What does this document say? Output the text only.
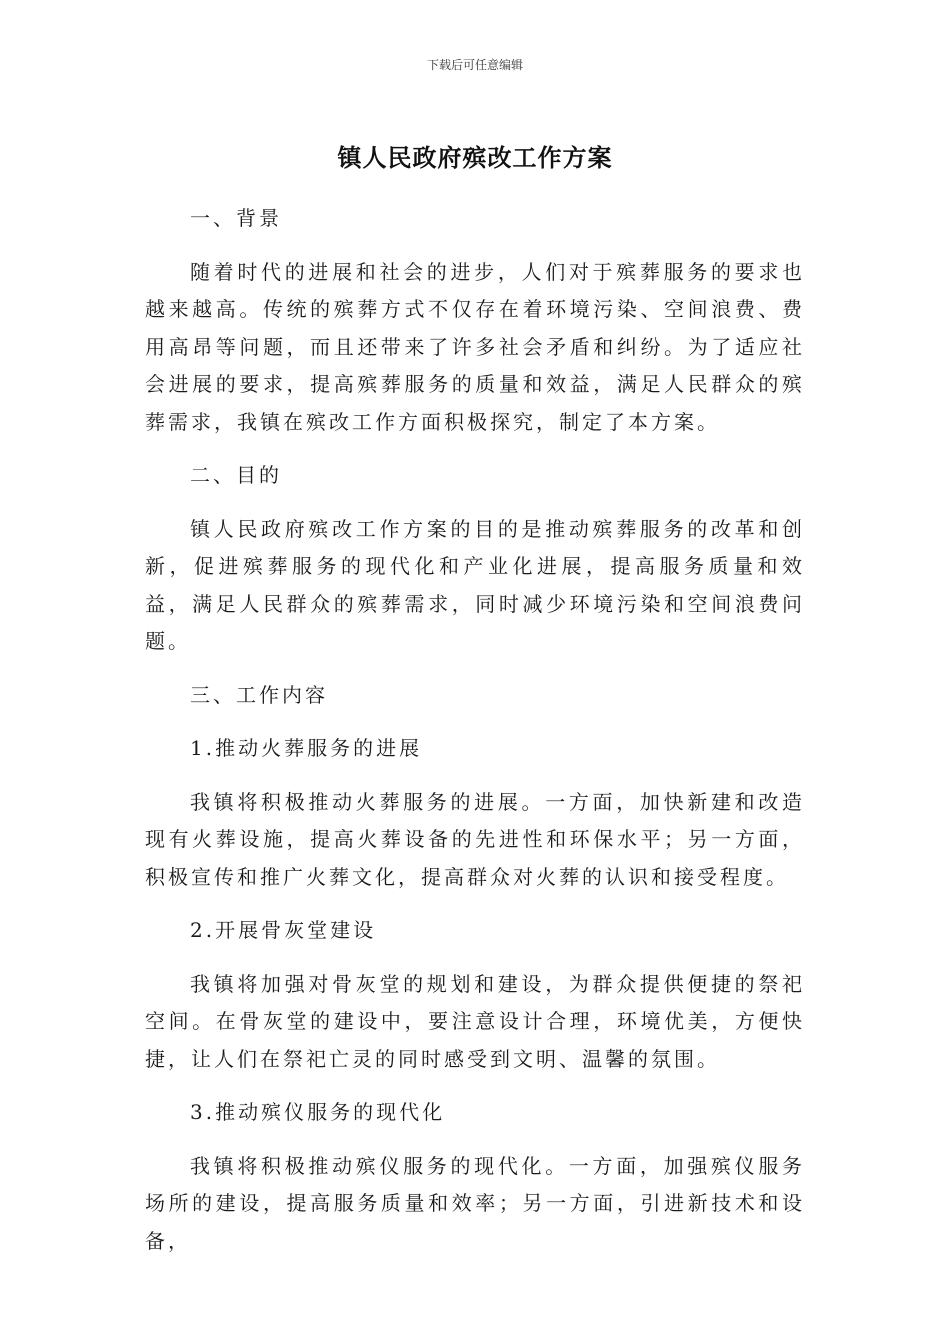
下载后可任意编辑
镇人民政府殡改工作方案

一、背景

随着时代的进展和社会的进步，人们对于殡葬服务的要求也越来越高。传统的殡葬方式不仅存在着环境污染、空间浪费、费用高昂等问题，而且还带来了许多社会矛盾和纠纷。为了适应社会进展的要求，提高殡葬服务的质量和效益，满足人民群众的殡葬需求，我镇在殡改工作方面积极探究，制定了本方案。

二、目的

镇人民政府殡改工作方案的目的是推动殡葬服务的改革和创新，促进殡葬服务的现代化和产业化进展，提高服务质量和效益，满足人民群众的殡葬需求，同时减少环境污染和空间浪费问题。

三、工作内容

1.推动火葬服务的进展

我镇将积极推动火葬服务的进展。一方面，加快新建和改造现有火葬设施，提高火葬设备的先进性和环保水平；另一方面，积极宣传和推广火葬文化，提高群众对火葬的认识和接受程度。

2.开展骨灰堂建设

我镇将加强对骨灰堂的规划和建设，为群众提供便捷的祭祀空间。在骨灰堂的建设中，要注意设计合理，环境优美，方便快捷，让人们在祭祀亡灵的同时感受到文明、温馨的氛围。

3.推动殡仪服务的现代化

我镇将积极推动殡仪服务的现代化。一方面，加强殡仪服务场所的建设，提高服务质量和效率；另一方面，引进新技术和设备，
